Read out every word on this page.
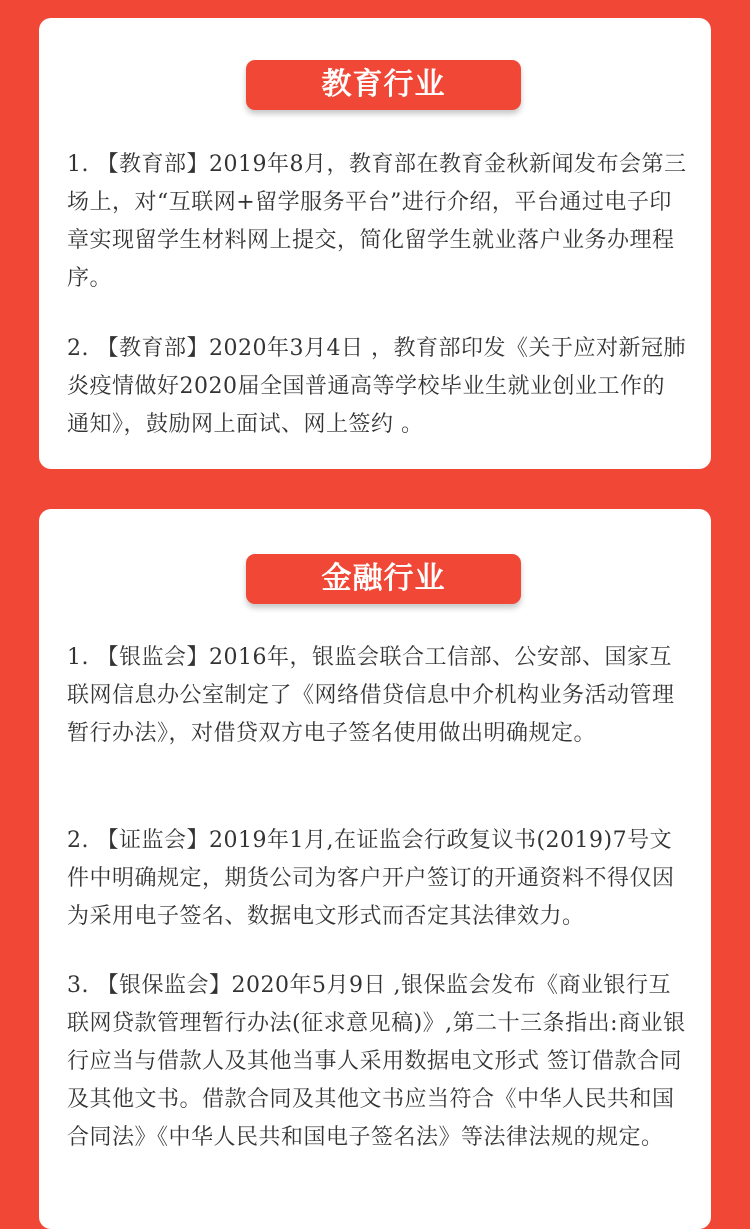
教育行业

1. 【教育部】2019年8月，教育部在教育金秋新闻发布会第三场上，对“互联网+留学服务平台”进行介绍，平台通过电子印章实现留学生材料网上提交，简化留学生就业落户业务办理程序。

2. 【教育部】2020年3月4日 ，教育部印发《关于应对新冠肺炎疫情做好2020届全国普通高等学校毕业生就业创业工作的通知》，鼓励网上面试、网上签约 。

金融行业

1. 【银监会】2016年，银监会联合工信部、公安部、国家互联网信息办公室制定了《网络借贷信息中介机构业务活动管理暂行办法》，对借贷双方电子签名使用做出明确规定。

2. 【证监会】2019年1月,在证监会行政复议书(2019)7号文件中明确规定，期货公司为客户开户签订的开通资料不得仅因为采用电子签名、数据电文形式而否定其法律效力。

3. 【银保监会】2020年5月9日 ,银保监会发布《商业银行互联网贷款管理暂行办法(征求意见稿)》,第二十三条指出:商业银行应当与借款人及其他当事人采用数据电文形式 签订借款合同及其他文书。借款合同及其他文书应当符合《中华人民共和国合同法》《中华人民共和国电子签名法》等法律法规的规定。
